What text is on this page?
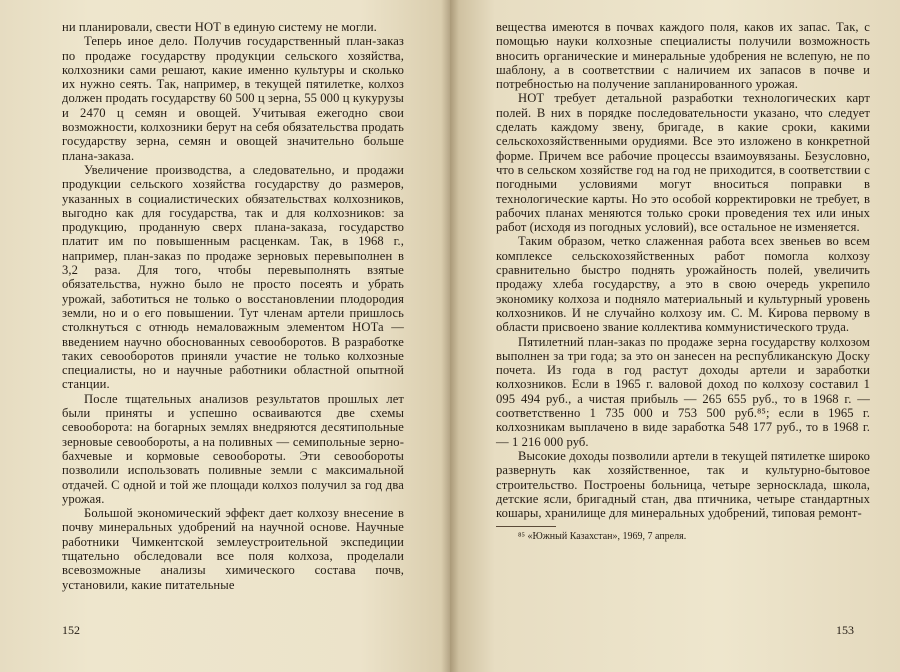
ни планировали, свести НОТ в единую систему не могли.

Теперь иное дело. Получив государственный план-заказ по продаже государству продукции сельского хозяйства, колхозники сами решают, какие именно культуры и сколько их нужно сеять. Так, например, в текущей пятилетке, колхоз должен продать государству 60 500 ц зерна, 55 000 ц кукурузы и 2470 ц семян и овощей. Учитывая ежегодно свои возможности, колхозники берут на себя обязательства продать государству зерна, семян и овощей значительно больше плана-заказа.

Увеличение производства, а следовательно, и продажи продукции сельского хозяйства государству до размеров, указанных в социалистических обязательствах колхозников, выгодно как для государства, так и для колхозников: за продукцию, проданную сверх плана-заказа, государство платит им по повышенным расценкам. Так, в 1968 г., например, план-заказ по продаже зерновых перевыполнен в 3,2 раза. Для того, чтобы перевыполнять взятые обязательства, нужно было не просто посеять и убрать урожай, заботиться не только о восстановлении плодородия земли, но и о его повышении. Тут членам артели пришлось столкнуться с отнюдь немаловажным элементом НОТа — введением научно обоснованных севооборотов. В разработке таких севооборотов приняли участие не только колхозные специалисты, но и научные работники областной опытной станции.

После тщательных анализов результатов прошлых лет были приняты и успешно осваиваются две схемы севооборота: на богарных землях внедряются десятипольные зерновые севообороты, а на поливных — семипольные зерно-бахчевые и кормовые севообороты. Эти севообороты позволили использовать поливные земли с максимальной отдачей. С одной и той же площади колхоз получил за год два урожая.

Большой экономический эффект дает колхозу внесение в почву минеральных удобрений на научной основе. Научные работники Чимкентской землеустроительной экспедиции тщательно обследовали все поля колхоза, проделали всевозможные анализы химического состава почв, установили, какие питательные

152

вещества имеются в почвах каждого поля, каков их запас. Так, с помощью науки колхозные специалисты получили возможность вносить органические и минеральные удобрения не вслепую, не по шаблону, а в соответствии с наличием их запасов в почве и потребностью на получение запланированного урожая.

НОТ требует детальной разработки технологических карт полей. В них в порядке последовательности указано, что следует сделать каждому звену, бригаде, в какие сроки, какими сельскохозяйственными орудиями. Все это изложено в конкретной форме. Причем все рабочие процессы взаимоувязаны. Безусловно, что в сельском хозяйстве год на год не приходится, в соответствии с погодными условиями могут вноситься поправки в технологические карты. Но это особой корректировки не требует, в рабочих планах меняются только сроки проведения тех или иных работ (исходя из погодных условий), все остальное не изменяется.

Таким образом, четко слаженная работа всех звеньев во всем комплексе сельскохозяйственных работ помогла колхозу сравнительно быстро поднять урожайность полей, увеличить продажу хлеба государству, а это в свою очередь укрепило экономику колхоза и подняло материальный и культурный уровень колхозников. И не случайно колхозу им. С. М. Кирова первому в области присвоено звание коллектива коммунистического труда.

Пятилетний план-заказ по продаже зерна государству колхозом выполнен за три года; за это он занесен на республиканскую Доску почета. Из года в год растут доходы артели и заработки колхозников. Если в 1965 г. валовой доход по колхозу составил 1 095 494 руб., а чистая прибыль — 265 655 руб., то в 1968 г. — соответственно 1 735 000 и 753 500 руб.⁸⁵; если в 1965 г. колхозникам выплачено в виде заработка 548 177 руб., то в 1968 г. — 1 216 000 руб.

Высокие доходы позволили артели в текущей пятилетке широко развернуть как хозяйственное, так и культурно-бытовое строительство. Построены больница, четыре зерносклада, школа, детские ясли, бригадный стан, два птичника, четыре стандартных кошары, хранилище для минеральных удобрений, типовая ремонт-

⁸⁵ «Южный Казахстан», 1969, 7 апреля.

153
